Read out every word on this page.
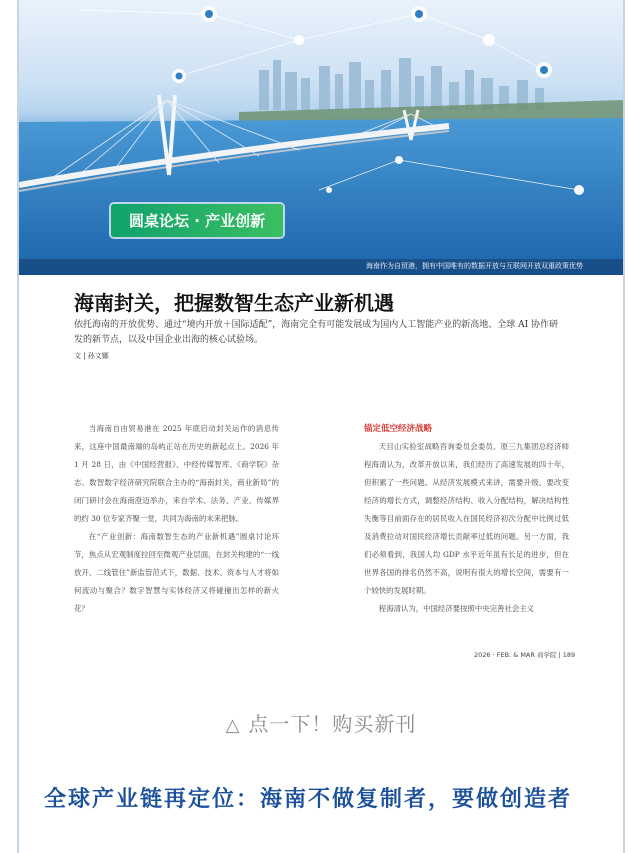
圆桌论坛 · 产业创新
海南作为自贸港，拥有中国唯有的数据开放与互联网开放双重政策优势
海南封关，把握数智生态产业新机遇
依托海南的开放优势、通过“境内开放＋国际适配”，海南完全有可能发展成为国内人工智能产业的新高地、全球 AI 协作研发的新节点，以及中国企业出海的核心试验场。
文 | 孙文娜

当海南自由贸易港在 2025 年底启动封关运作的消息传来，这座中国最南端的岛屿正站在历史的新起点上。2026 年 1 月 28 日，由《中国经营报》、中经传媒智库、《商学院》杂志、数智数字经济研究院联合主办的“海南封关，商业新局”的闭门研讨会在海南澄迈举办，来自学术、法务、产业、传媒界的约 30 位专家齐聚一堂，共同为海南的未来把脉。

在“产业创新：海南数智生态的产业新机遇”圆桌讨论环节，焦点从宏观制度拉回至微观产业层面，在封关构建的“一线放开、二线管住”新监管范式下，数据、技术、资本与人才将如何流动与聚合？数字智慧与实体经济又将碰撞出怎样的新火花？

锚定低空经济战略

天目山实验室战略咨询委员会委员、原三九集团总经济师程海清认为，改革开放以来，我们经历了高速发展的四十年，但积累了一些问题。从经济发展模式来讲，需要升级。要改变经济的增长方式，调整经济结构、收入分配结构，解决结构性失衡等目前面存在的居民收入在国民经济初次分配中比例过低及消费拉动对国民经济增长贡献率过低的问题。另一方面，我们必须看到，我国人均 GDP 水平近年虽有长足的进步，但在世界各国的排名仍然不高，说明有很大的增长空间，需要有一个较快的发展时期。

程海清认为，中国经济要按照中央完善社会主义

2026 · FEB. & MAR 商学院 | 189
△ 点一下！购买新刊
全球产业链再定位：海南不做复制者，要做创造者
